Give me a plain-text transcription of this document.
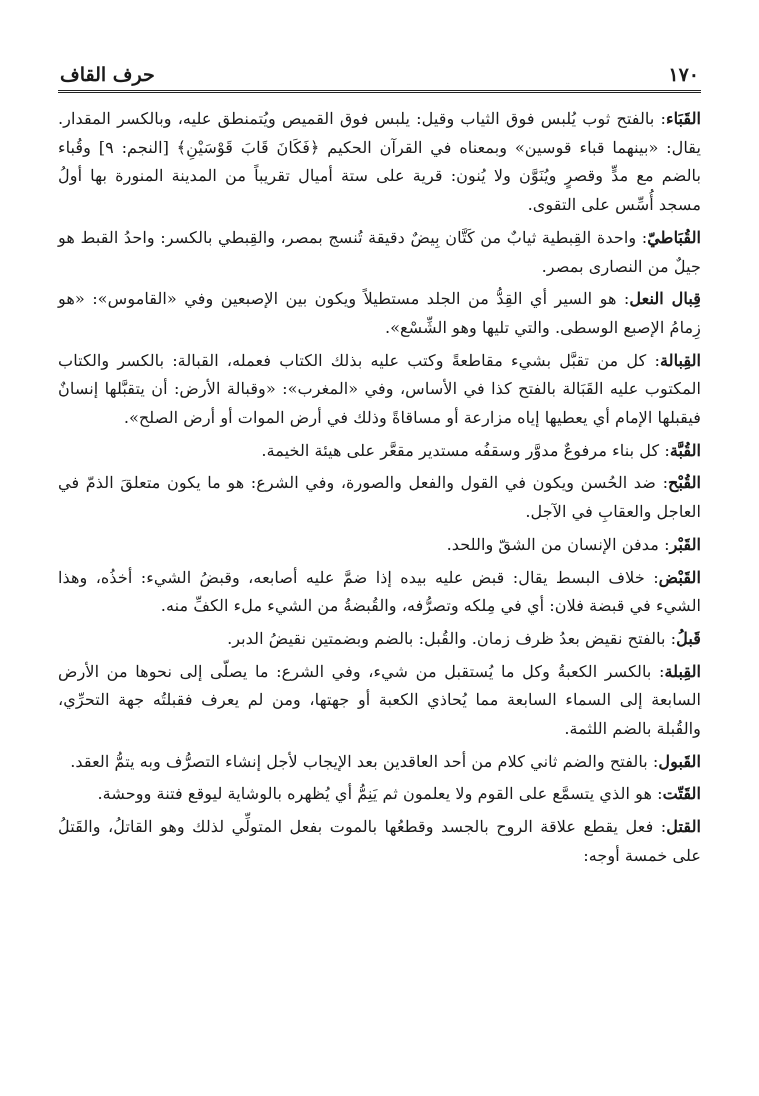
١٧٠
حرف القاف

القَبَاء: بالفتح ثوب يُلبس فوق الثياب وقيل: يلبس فوق القميص ويُتمنطق عليه، وبالكسر المقدار. يقال: «بينهما قباء قوسين» وبمعناه في القرآن الحكيم ﴿فَكَانَ قَابَ قَوْسَيْنِ﴾ [النجم: ٩] وقُباء بالضم مع مدٍّ وقصرٍ ويُنَوَّن ولا يُنون: قرية على ستة أميال تقريباً من المدينة المنورة بها أولُ مسجد أُسِّس على التقوى.

القُبَاطيّ: واحدة القِبطية ثيابٌ من كَتَّان بِيضٌ دقيقة تُنسج بمصر، والقِبطي بالكسر: واحدُ القبط هو جيلٌ من النصارى بمصر.

قِبال النعل: هو السير أي القِدُّ من الجلد مستطيلاً ويكون بين الإصبعين وفي «القاموس»: «هو زِمامُ الإصبع الوسطى. والتي تليها وهو الشِّسْع».

القِبالة: كل من تقبَّل بشيء مقاطعةً وكتب عليه بذلك الكتاب فعمله، القبالة: بالكسر والكتاب المكتوب عليه القَبَالة بالفتح كذا في الأساس، وفي «المغرب»: «وقبالة الأرض: أن يتقبَّلها إنسانٌ فيقبلها الإمام أي يعطيها إياه مزارعة أو مساقاةً وذلك في أرض الموات أو أرض الصلح».

القُبَّة: كل بناء مرفوعٌ مدوَّر وسقفُه مستدير مقعَّر على هيئة الخيمة.

القُبْح: ضد الحُسن ويكون في القول والفعل والصورة، وفي الشرع: هو ما يكون متعلقَ الذمّ في العاجل والعقابِ في الآجل.

القَبْر: مدفن الإنسان من الشقّ واللحد.

القَبْض: خلاف البسط يقال: قبض عليه بيده إذا ضمَّ عليه أصابعه، وقبضُ الشيء: أخذُه، وهذا الشيء في قبضة فلان: أي في مِلكه وتصرُّفه، والقُبضةُ من الشيء ملء الكفِّ منه.

قَبلُ: بالفتح نقيض بعدُ ظرف زمان. والقُبل: بالضم وبضمتين نقيضُ الدبر.

القِبلة: بالكسر الكعبةُ وكل ما يُستقبل من شيء، وفي الشرع: ما يصلّى إلى نحوها من الأرض السابعة إلى السماء السابعة مما يُحاذي الكعبة أو جهتها، ومن لم يعرف فقبلتُه جهة التحرِّي، والقُبلة بالضم اللثمة.

القَبول: بالفتح والضم ثاني كلام من أحد العاقدين بعد الإيجاب لأجل إنشاء التصرُّف وبه يتمُّ العقد.

القَتّت: هو الذي يتسمَّع على القوم ولا يعلمون ثم يَنِمُّ أي يُظهره بالوشاية ليوقع فتنة ووحشة.

القتل: فعل يقطع علاقة الروح بالجسد وقطعُها بالموت بفعل المتولِّي لذلك وهو القاتلُ، والقَتلُ على خمسة أوجه:
